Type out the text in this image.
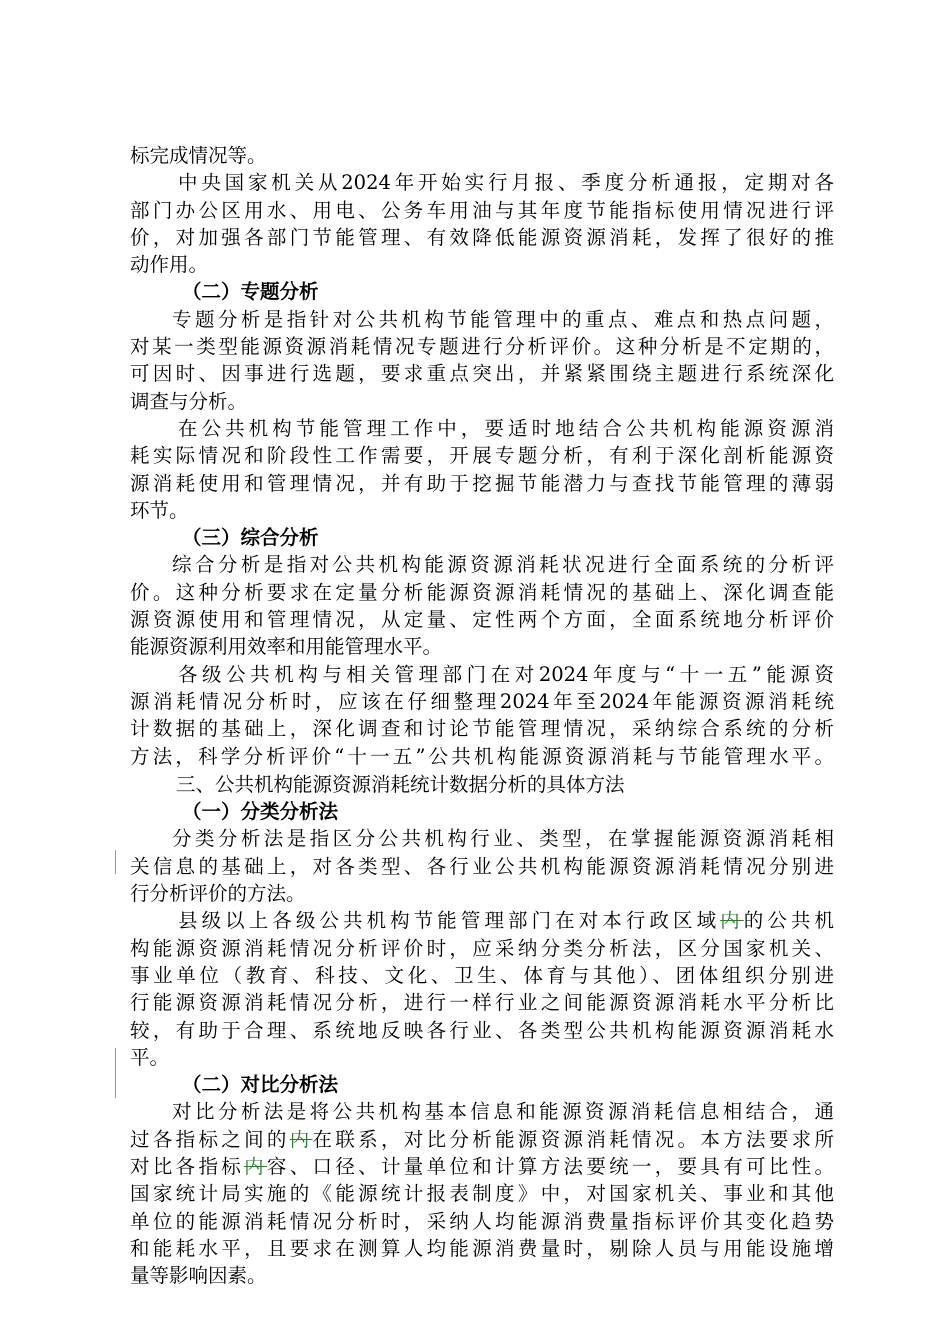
标完成情况等。
中央国家机关从2024年开始实行月报、季度分析通报，定期对各
部门办公区用水、用电、公务车用油与其年度节能指标使用情况进行评
价，对加强各部门节能管理、有效降低能源资源消耗，发挥了很好的推
动作用。
（二）专题分析
专题分析是指针对公共机构节能管理中的重点、难点和热点问题，
对某一类型能源资源消耗情况专题进行分析评价。这种分析是不定期的，
可因时、因事进行选题，要求重点突出，并紧紧围绕主题进行系统深化
调查与分析。
在公共机构节能管理工作中，要适时地结合公共机构能源资源消
耗实际情况和阶段性工作需要，开展专题分析，有利于深化剖析能源资
源消耗使用和管理情况，并有助于挖掘节能潜力与查找节能管理的薄弱
环节。
（三）综合分析
综合分析是指对公共机构能源资源消耗状况进行全面系统的分析评
价。这种分析要求在定量分析能源资源消耗情况的基础上、深化调查能
源资源使用和管理情况，从定量、定性两个方面，全面系统地分析评价
能源资源利用效率和用能管理水平。
各级公共机构与相关管理部门在对2024年度与“十一五”能源资
源消耗情况分析时，应该在仔细整理2024年至2024年能源资源消耗统
计数据的基础上，深化调查和讨论节能管理情况，采纳综合系统的分析
方法，科学分析评价“十一五”公共机构能源资源消耗与节能管理水平。
三、公共机构能源资源消耗统计数据分析的具体方法
（一）分类分析法
分类分析法是指区分公共机构行业、类型，在掌握能源资源消耗相
关信息的基础上，对各类型、各行业公共机构能源资源消耗情况分别进
行分析评价的方法。
县级以上各级公共机构节能管理部门在对本行政区域内的公共机
构能源资源消耗情况分析评价时，应采纳分类分析法，区分国家机关、
事业单位（教育、科技、文化、卫生、体育与其他）、团体组织分别进
行能源资源消耗情况分析，进行一样行业之间能源资源消耗水平分析比
较，有助于合理、系统地反映各行业、各类型公共机构能源资源消耗水
平。
（二）对比分析法
对比分析法是将公共机构基本信息和能源资源消耗信息相结合，通
过各指标之间的内在联系，对比分析能源资源消耗情况。本方法要求所
对比各指标内容、口径、计量单位和计算方法要统一，要具有可比性。
国家统计局实施的《能源统计报表制度》中，对国家机关、事业和其他
单位的能源消耗情况分析时，采纳人均能源消费量指标评价其变化趋势
和能耗水平，且要求在测算人均能源消费量时，剔除人员与用能设施增
量等影响因素。
